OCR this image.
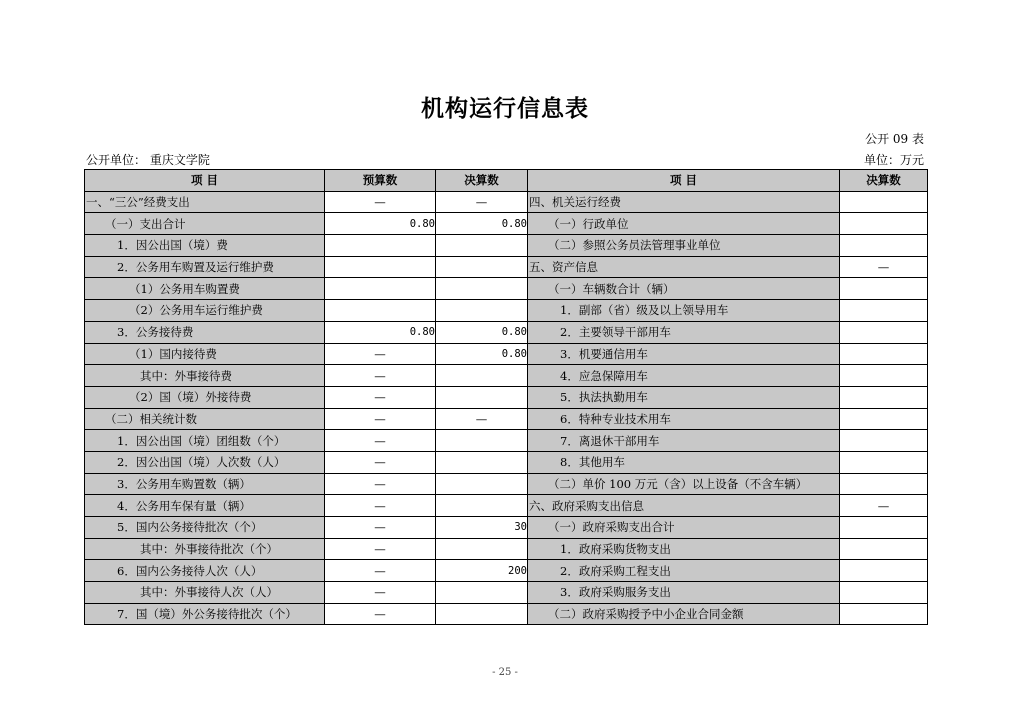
机构运行信息表
公开 09 表
公开单位： 重庆文学院	单位：万元
项 目	预算数	决算数	项 目	决算数
一、“三公”经费支出	—	—	四、机关运行经费	
（一）支出合计	0.80	0.80	（一）行政单位	
1．因公出国（境）费			（二）参照公务员法管理事业单位	
2．公务用车购置及运行维护费			五、资产信息	—
（1）公务用车购置费			（一）车辆数合计（辆）	
（2）公务用车运行维护费			1．副部（省）级及以上领导用车	
3．公务接待费	0.80	0.80	2．主要领导干部用车	
（1）国内接待费	—	0.80	3．机要通信用车	
其中：外事接待费	—		4．应急保障用车	
（2）国（境）外接待费	—		5．执法执勤用车	
（二）相关统计数	—	—	6．特种专业技术用车	
1．因公出国（境）团组数（个）	—		7．离退休干部用车	
2．因公出国（境）人次数（人）	—		8．其他用车	
3．公务用车购置数（辆）	—		（二）单价 100 万元（含）以上设备（不含车辆）	
4．公务用车保有量（辆）	—		六、政府采购支出信息	—
5．国内公务接待批次（个）	—	30	（一）政府采购支出合计	
其中：外事接待批次（个）	—		1．政府采购货物支出	
6．国内公务接待人次（人）	—	200	2．政府采购工程支出	
其中：外事接待人次（人）	—		3．政府采购服务支出	
7．国（境）外公务接待批次（个）	—		（二）政府采购授予中小企业合同金额	
- 25 -
